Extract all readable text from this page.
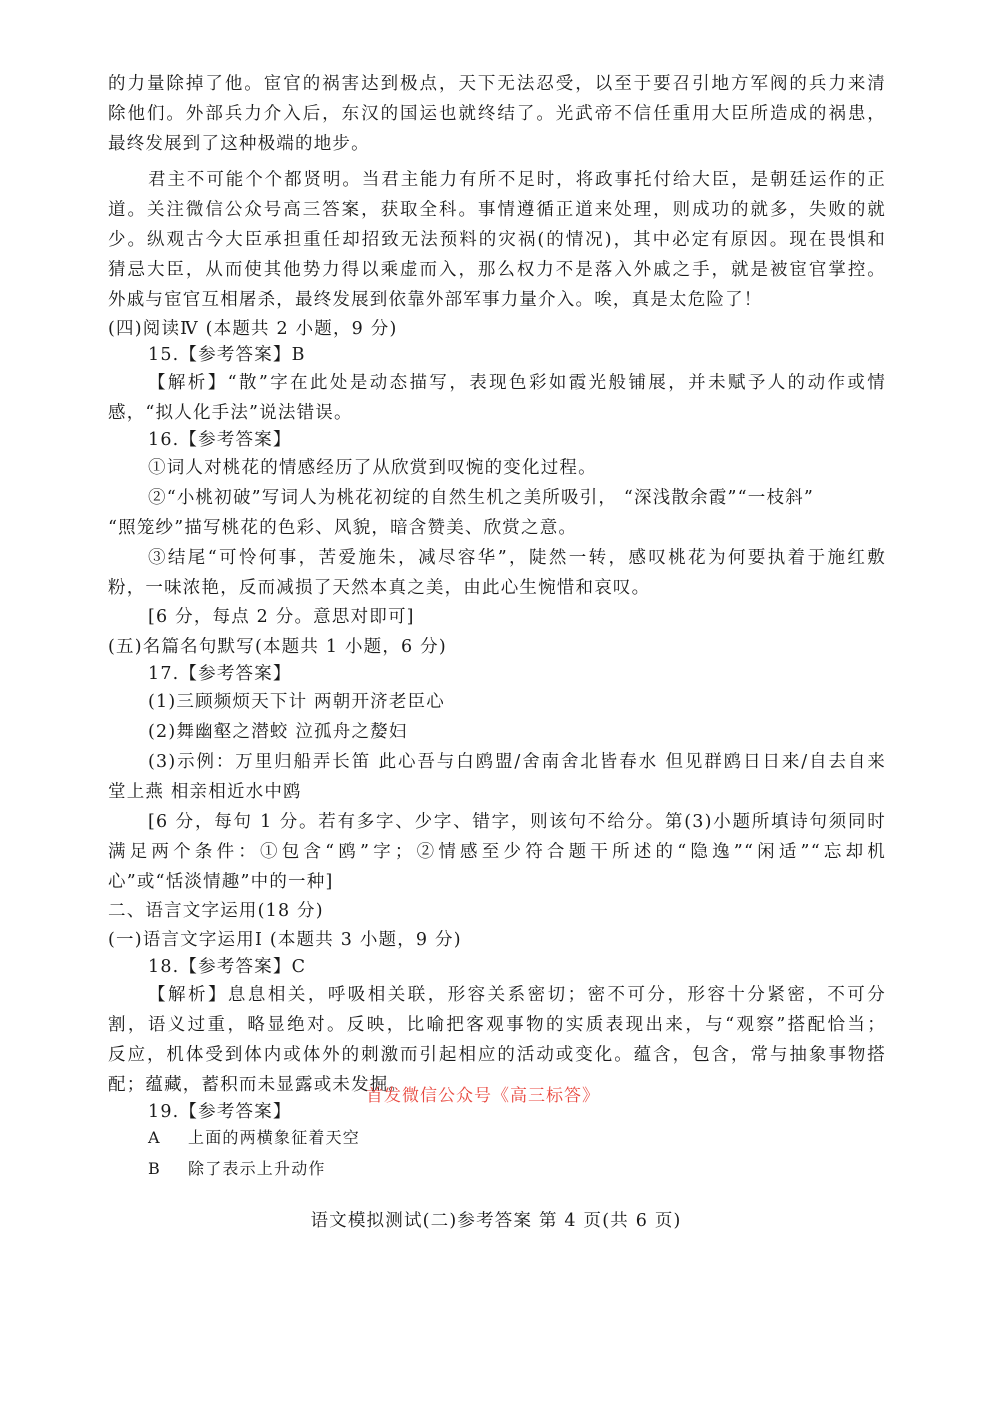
的力量除掉了他。宦官的祸害达到极点，天下无法忍受，以至于要召引地方军阀的兵力来清
除他们。外部兵力介入后，东汉的国运也就终结了。光武帝不信任重用大臣所造成的祸患，
最终发展到了这种极端的地步。
君主不可能个个都贤明。当君主能力有所不足时，将政事托付给大臣，是朝廷运作的正
道。关注微信公众号高三答案，获取全科。事情遵循正道来处理，则成功的就多，失败的就
少。纵观古今大臣承担重任却招致无法预料的灾祸(的情况)，其中必定有原因。现在畏惧和
猜忌大臣，从而使其他势力得以乘虚而入，那么权力不是落入外戚之手，就是被宦官掌控。
外戚与宦官互相屠杀，最终发展到依靠外部军事力量介入。唉，真是太危险了！
(四)阅读Ⅳ (本题共 2 小题，9 分)
15.【参考答案】B
【解析】“散”字在此处是动态描写，表现色彩如霞光般铺展，并未赋予人的动作或情
感，“拟人化手法”说法错误。
16.【参考答案】
①词人对桃花的情感经历了从欣赏到叹惋的变化过程。
②“小桃初破”写词人为桃花初绽的自然生机之美所吸引， “深浅散余霞”“一枝斜”
“照笼纱”描写桃花的色彩、风貌，暗含赞美、欣赏之意。
③结尾“可怜何事，苦爱施朱，减尽容华”，陡然一转，感叹桃花为何要执着于施红敷
粉，一味浓艳，反而减损了天然本真之美，由此心生惋惜和哀叹。
[6 分，每点 2 分。意思对即可]
(五)名篇名句默写(本题共 1 小题，6 分)
17.【参考答案】
(1)三顾频烦天下计 两朝开济老臣心
(2)舞幽壑之潜蛟 泣孤舟之嫠妇
(3)示例：万里归船弄长笛 此心吾与白鸥盟/舍南舍北皆春水 但见群鸥日日来/自去自来
堂上燕 相亲相近水中鸥
[6 分，每句 1 分。若有多字、少字、错字，则该句不给分。第(3)小题所填诗句须同时
满足两个条件：①包含“鸥”字；②情感至少符合题干所述的“隐逸”“闲适”“忘却机
心”或“恬淡情趣”中的一种]
二、语言文字运用(18 分)
(一)语言文字运用Ⅰ (本题共 3 小题，9 分)
18.【参考答案】C
【解析】息息相关，呼吸相关联，形容关系密切；密不可分，形容十分紧密，不可分
割，语义过重，略显绝对。反映，比喻把客观事物的实质表现出来，与“观察”搭配恰当；
反应，机体受到体内或体外的刺激而引起相应的活动或变化。蕴含，包含，常与抽象事物搭
配；蕴藏，蓄积而未显露或未发掘。
19.【参考答案】
A 上面的两横象征着天空
B 除了表示上升动作
首发微信公众号《高三标答》
语文模拟测试(二)参考答案 第 4 页(共 6 页)
